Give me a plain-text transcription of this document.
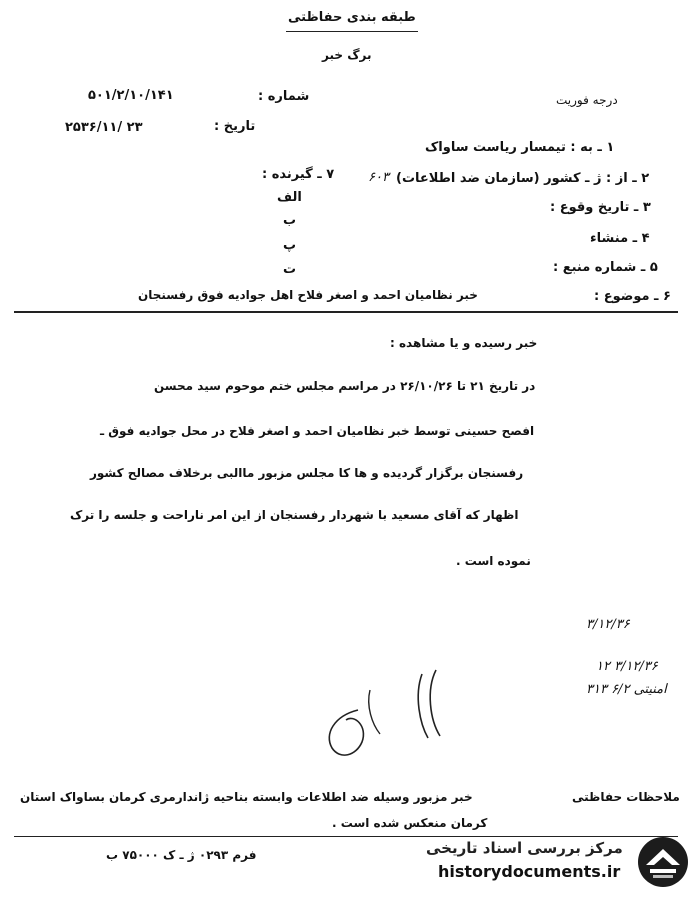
طبقه بندی حفاظتی
برگ خبر
درجه فوریت
شماره :
۵۰۱/۲/۱۰/۱۴۱
تاریخ :
۲۵۳۶/۱۱/ ۲۳
۱ ـ به : تیمسار ریاست ساواک
۲ ـ از : ژ ـ کشور (سازمان ضد اطلاعات)
۶۰۳
۳ ـ تاریخ وقوع :
۴ ـ منشاء
۵ ـ شماره منبع :
۶ ـ موضوع :
خبر نظامیان احمد و اصغر فلاح اهل جوادیه فوق رفسنجان
۷ ـ گیرنده :
الف
ب
پ
ت
خبر رسیده و یا مشاهده :
در تاریخ ۲۱ تا ۲۶/۱۰/۲۶ در مراسم مجلس ختم موحوم سید محسن
افصح حسینی توسط خبر نظامیان احمد و اصغر فلاح در محل جوادیه فوق ـ
رفسنجان برگزار گردیده و ها کا مجلس مزبور ماالبی برخلاف مصالح کشور
اظهار که آقای مسعید با شهردار رفسنجان از این امر ناراحت و جلسه را ترک
نموده است .
۳/۱۲/۳۶
۱۲ ۳/۱۲/۳۶
۳۱۳ ۶/۲ امنیتی
ملاحظات حفاظتی
خبر مزبور وسیله ضد اطلاعات وابسته بناحیه ژاندارمری کرمان بساواک استان
کرمان منعکس شده است .
فرم ۰۲۹۳ ژ ـ ک ۷۵۰۰۰ ب	مرکز بررسی اسناد تاریخی
historydocuments.ir
